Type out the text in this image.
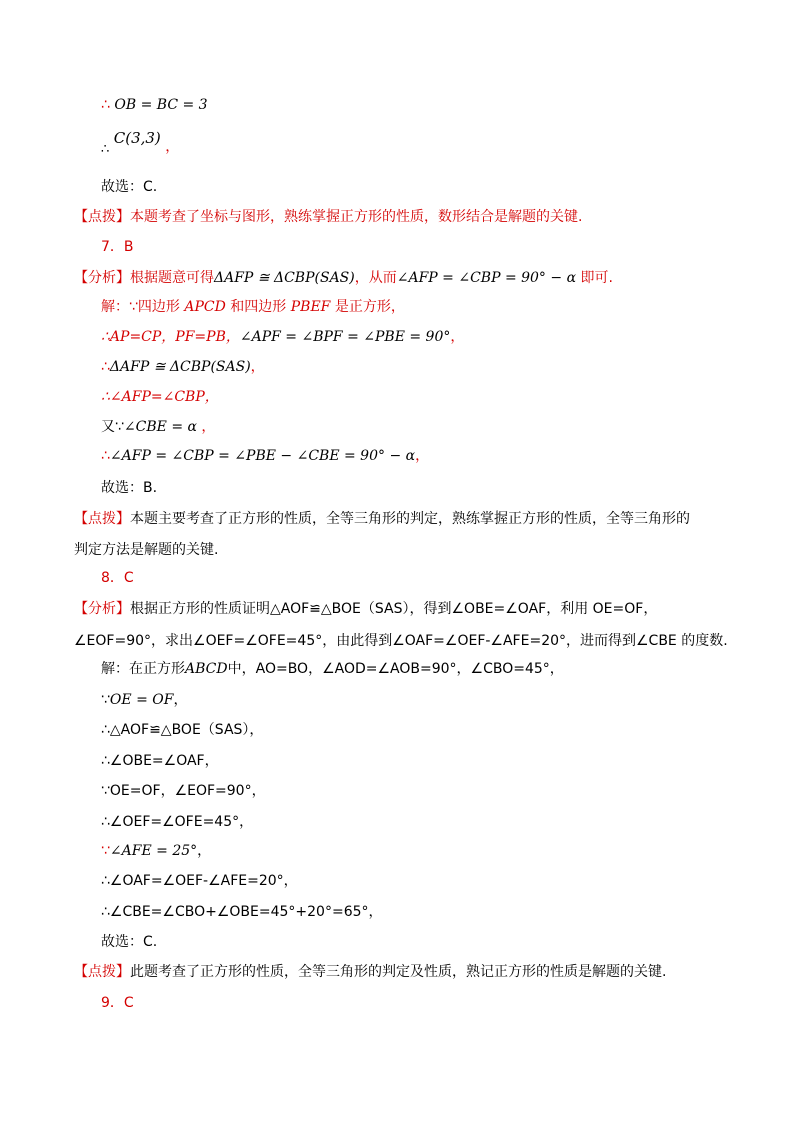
∴ OB = BC = 3
∴ C(3,3) ，
故选：C.
【点拨】本题考查了坐标与图形，熟练掌握正方形的性质，数形结合是解题的关键.
7．B
【分析】根据题意可得ΔAFP ≅ ΔCBP(SAS)，从而∠AFP = ∠CBP = 90° − α 即可.
解：∵四边形 APCD 和四边形 PBEF 是正方形，
∴AP=CP，PF=PB，∠APF = ∠BPF = ∠PBE = 90°，
∴ΔAFP ≅ ΔCBP(SAS)，
∴∠AFP=∠CBP，
又∵∠CBE = α ，
∴∠AFP = ∠CBP = ∠PBE − ∠CBE = 90° − α，
故选：B.
【点拨】本题主要考查了正方形的性质，全等三角形的判定，熟练掌握正方形的性质，全等三角形的
判定方法是解题的关键.
8．C
【分析】根据正方形的性质证明△AOF≌△BOE（SAS），得到∠OBE=∠OAF，利用 OE=OF，
∠EOF=90°，求出∠OEF=∠OFE=45°，由此得到∠OAF=∠OEF-∠AFE=20°，进而得到∠CBE 的度数.
解：在正方形ABCD中，AO=BO，∠AOD=∠AOB=90°，∠CBO=45°，
∵OE = OF，
∴△AOF≌△BOE（SAS），
∴∠OBE=∠OAF，
∵OE=OF，∠EOF=90°，
∴∠OEF=∠OFE=45°，
∵∠AFE = 25°，
∴∠OAF=∠OEF-∠AFE=20°，
∴∠CBE=∠CBO+∠OBE=45°+20°=65°，
故选：C.
【点拨】此题考查了正方形的性质，全等三角形的判定及性质，熟记正方形的性质是解题的关键.
9．C
